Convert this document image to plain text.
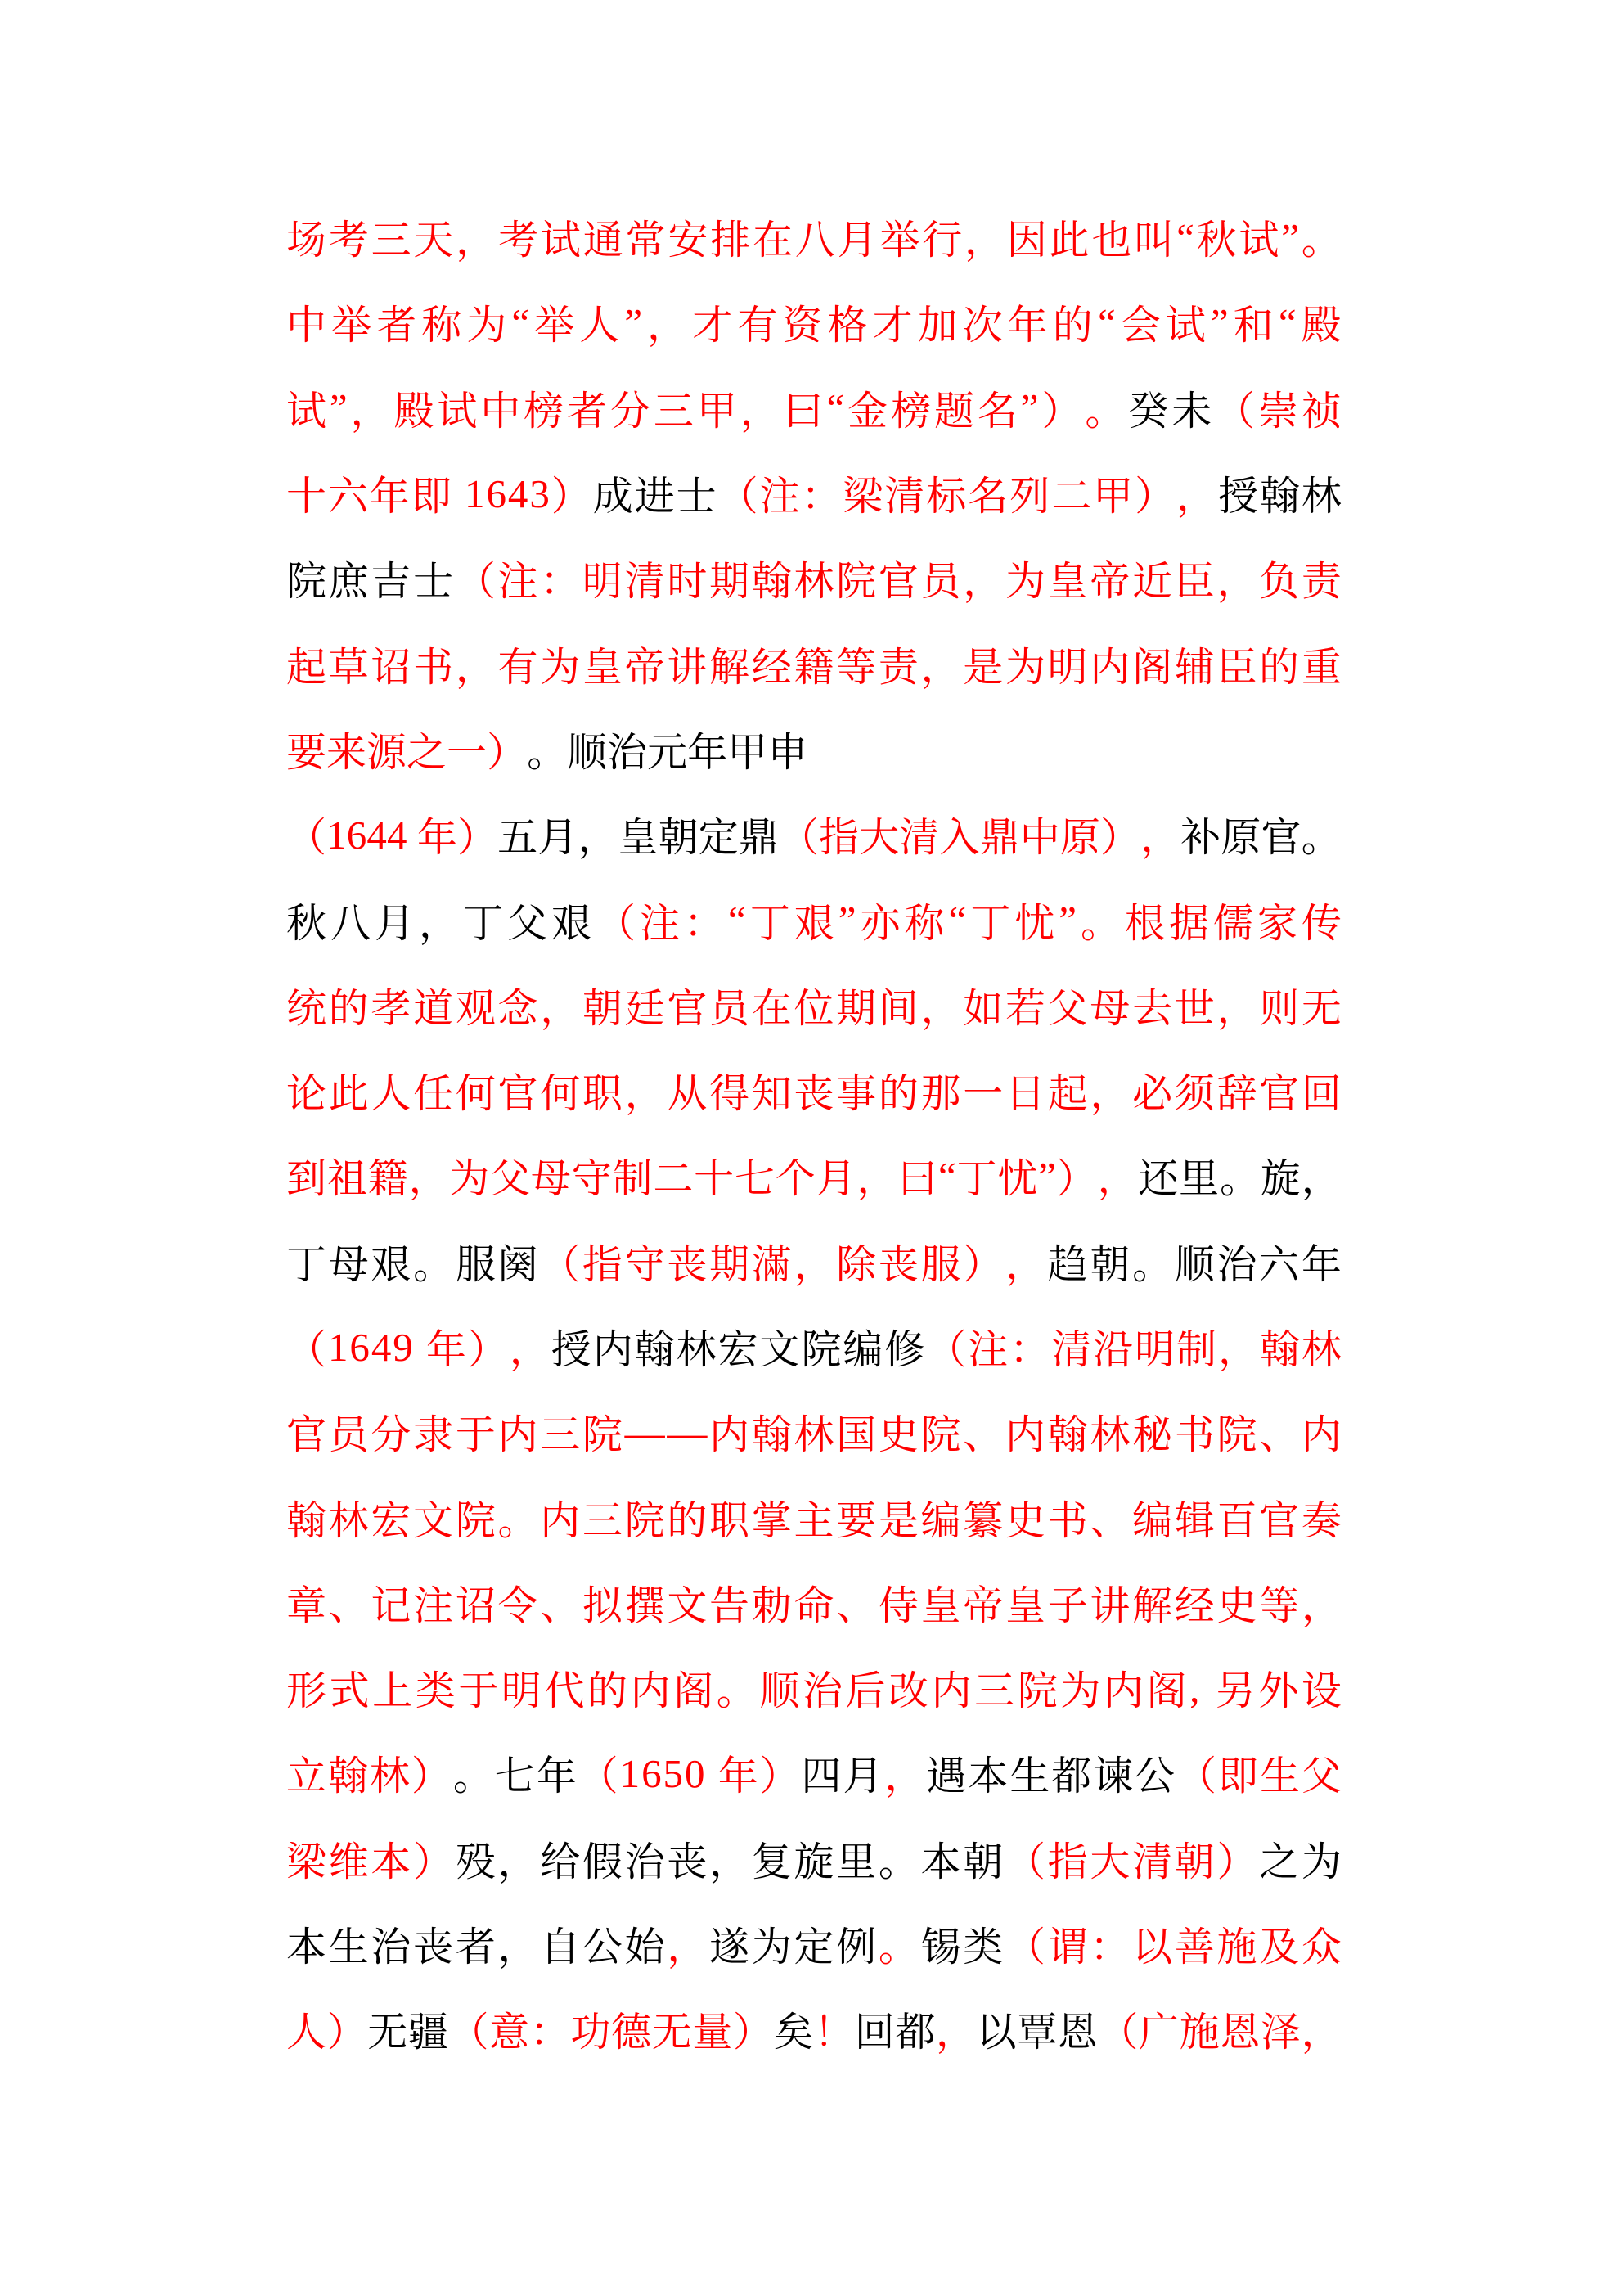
场 考 三 天 ， 考 试 通 常 安 排 在 八 月 举 行 ， 因 此 也 叫 “ 秋 试 ” 。
中 举 者 称 为 “ 举 人 ” ， 才 有 资 格 才 加 次 年 的 “ 会 试 ” 和 “ 殿
试 ” ， 殿 试 中 榜 者 分 三 甲 ， 曰 “ 金 榜 题 名 ” ） 。 癸 未 （ 崇 祯
十 六 年 即
1 6 4 3 ） 成 进 士 （ 注 ： 梁 清 标 名 列 二 甲 ） ， 授 翰 林
院 庶 吉 士 （ 注 ： 明 清 时 期 翰 林 院 官 员 ， 为 皇 帝 近 臣 ， 负 责
起 草 诏 书 ， 有 为 皇 帝 讲 解 经 籍 等 责 ， 是 为 明 内 阁 辅 臣 的 重
要 来 源 之 一 ） 。 顺 治 元 年 甲 申
（ 1 6 4 4
年 ） 五 月 ， 皇 朝 定 鼎 （ 指 大 清 入 鼎 中 原 ） ， 补 原 官 。
秋 八 月 ， 丁 父 艰 （ 注 ： “ 丁 艰 ” 亦 称 “ 丁 忧 ” 。 根 据 儒 家 传
统 的 孝 道 观 念 ， 朝 廷 官 员 在 位 期 间 ， 如 若 父 母 去 世 ， 则 无
论 此 人 任 何 官 何 职 ， 从 得 知 丧 事 的 那 一 日 起 ， 必 须 辞 官 回
到 祖 籍 ， 为 父 母 守 制 二 十 七 个 月 ， 曰 “ 丁 忧 ” ） ， 还 里 。 旋 ，
丁 母 艰 。 服 阕 （ 指 守 丧 期 滿 ， 除 丧 服 ） ， 趋 朝 。 顺 治 六 年
（ 1 6 4 9
年 ） ， 授 内 翰 林 宏 文 院 编 修 （ 注 ： 清 沿 明 制 ， 翰 林
官 员 分 隶 于 内 三 院 — — 内 翰 林 国 史 院 、 内 翰 林 秘 书 院 、 内
翰 林 宏 文 院 。 内 三 院 的 职 掌 主 要 是 编 纂 史 书 、 编 辑 百 官 奏
章 、 记 注 诏 令 、 拟 撰 文 告 勅 命 、 侍 皇 帝 皇 子 讲 解 经 史 等 ，
形 式 上 类 于 明 代 的 内 阁 。 顺 治 后 改 内 三 院 为 内 阁 ,
另 外 设
立 翰 林 ） 。 七 年 （ 1 6 5 0
年 ） 四 月 ， 遇 本 生 都 谏 公 （ 即 生 父
梁 维 本 ） 殁 ， 给 假 治 丧 ， 复 旋 里 。 本 朝 （ 指 大 清 朝 ） 之 为
本 生 治 丧 者 ， 自 公 始 ， 遂 为 定 例 。 锡 类 （ 谓 ： 以 善 施 及 众
人 ） 无 疆 （ 意 ： 功 德 无 量 ） 矣 ！ 回 都 ， 以 覃 恩 （ 广 施 恩 泽 ，
